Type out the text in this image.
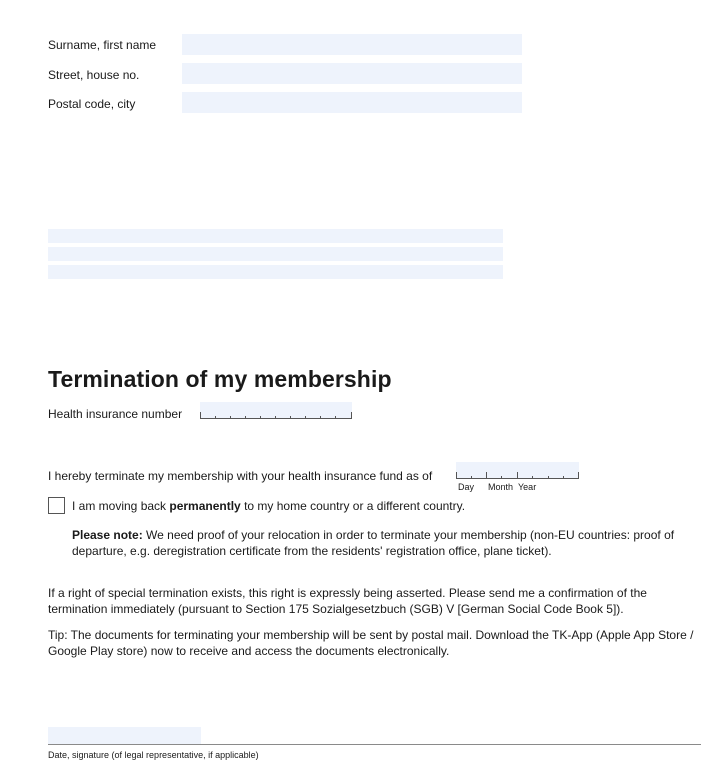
Surname, first name
Street, house no.
Postal code, city
Termination of my membership
Health insurance number
I hereby terminate my membership with your health insurance fund as of
Day Month Year
I am moving back permanently to my home country or a different country.
Please note: We need proof of your relocation in order to terminate your membership (non-EU countries: proof of departure, e.g. deregistration certificate from the residents' registration office, plane ticket).
If a right of special termination exists, this right is expressly being asserted. Please send me a confirmation of the termination immediately (pursuant to Section 175 Sozialgesetzbuch (SGB) V [German Social Code Book 5]).
Tip: The documents for terminating your membership will be sent by postal mail. Download the TK-App (Apple App Store / Google Play store) now to receive and access the documents electronically.
Date, signature (of legal representative, if applicable)
